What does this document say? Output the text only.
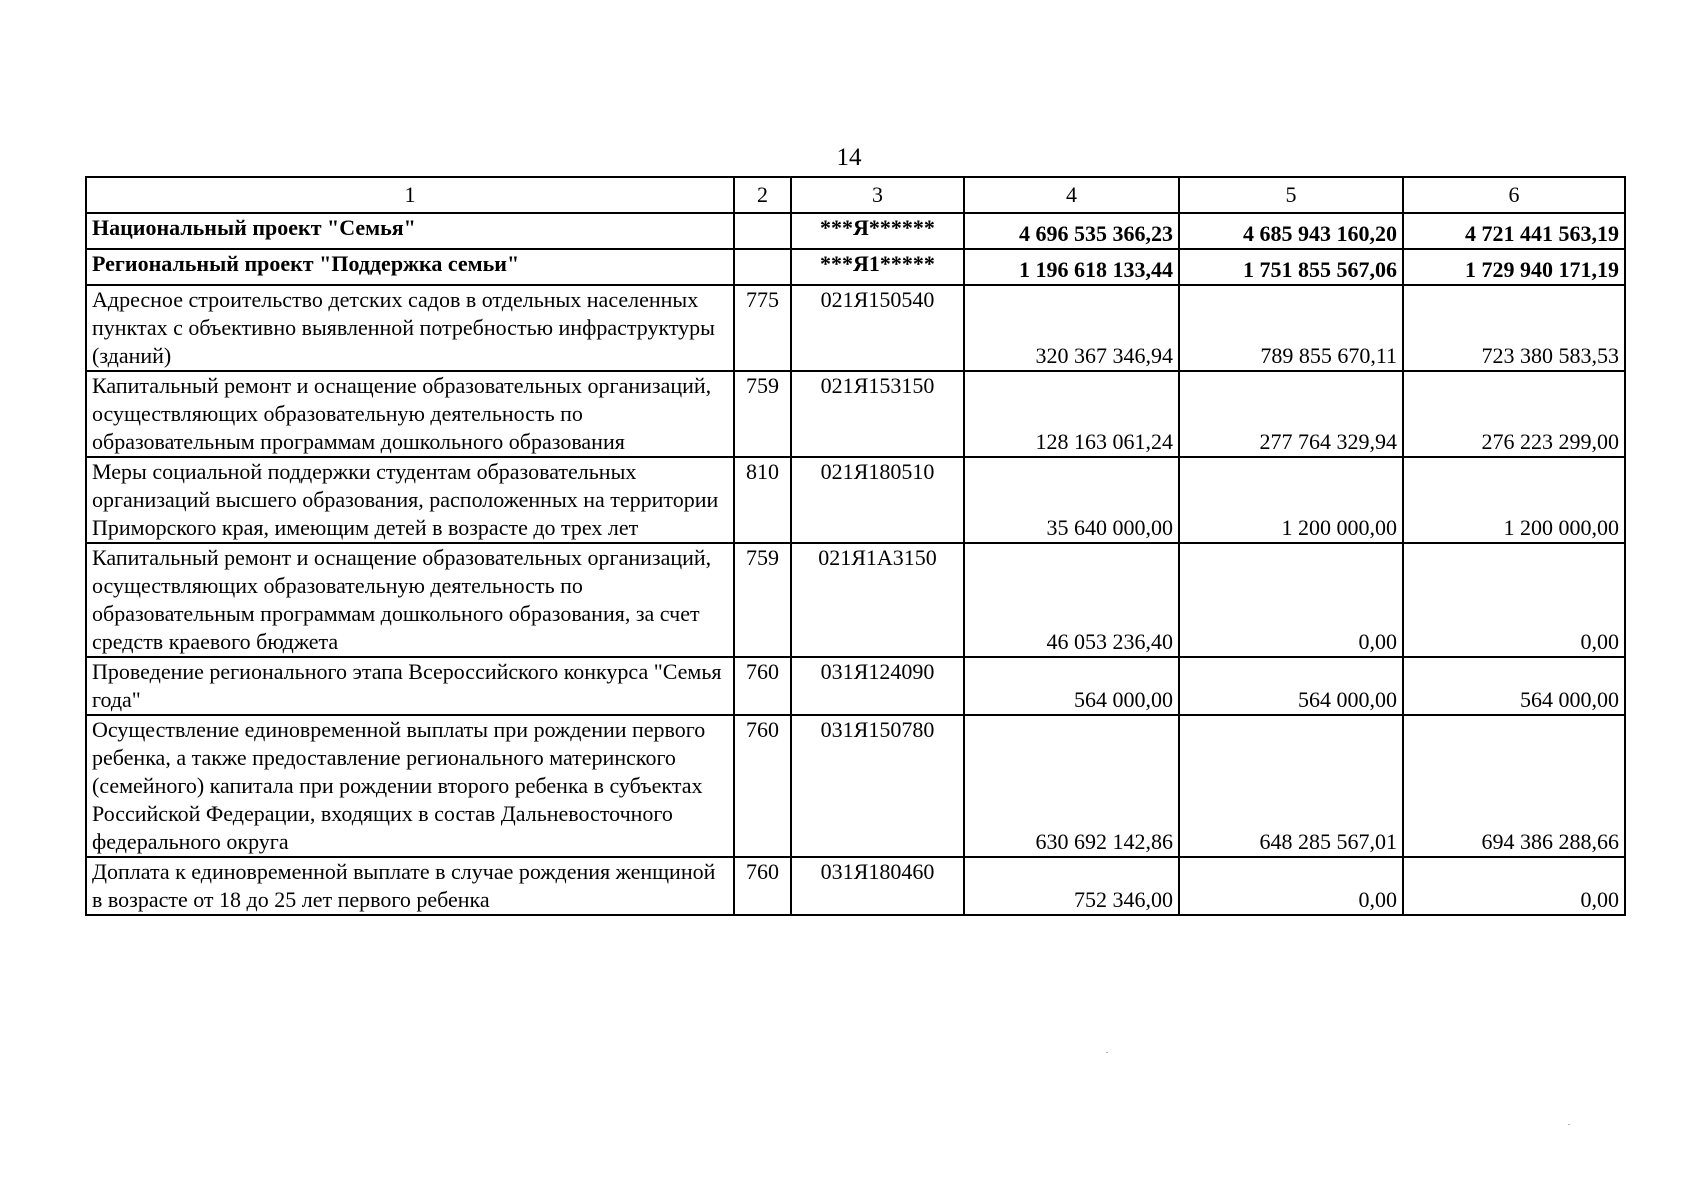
14
1	2	3	4	5	6
Национальный проект "Семья"		***Я******	4 696 535 366,23	4 685 943 160,20	4 721 441 563,19
Региональный проект "Поддержка семьи"		***Я1*****	1 196 618 133,44	1 751 855 567,06	1 729 940 171,19
Адресное строительство детских садов в отдельных населенных пунктах с объективно выявленной потребностью инфраструктуры (зданий)	775	021Я150540	320 367 346,94	789 855 670,11	723 380 583,53
Капитальный ремонт и оснащение образовательных организаций, осуществляющих образовательную деятельность по образовательным программам дошкольного образования	759	021Я153150	128 163 061,24	277 764 329,94	276 223 299,00
Меры социальной поддержки студентам образовательных организаций высшего образования, расположенных на территории Приморского края, имеющим детей в возрасте до трех лет	810	021Я180510	35 640 000,00	1 200 000,00	1 200 000,00
Капитальный ремонт и оснащение образовательных организаций, осуществляющих образовательную деятельность по образовательным программам дошкольного образования, за счет средств краевого бюджета	759	021Я1А3150	46 053 236,40	0,00	0,00
Проведение регионального этапа Всероссийского конкурса "Семья года"	760	031Я124090	564 000,00	564 000,00	564 000,00
Осуществление единовременной выплаты при рождении первого ребенка, а также предоставление регионального материнского (семейного) капитала при рождении второго ребенка в субъектах Российской Федерации, входящих в состав Дальневосточного федерального округа	760	031Я150780	630 692 142,86	648 285 567,01	694 386 288,66
Доплата к единовременной выплате в случае рождения женщиной в возрасте от 18 до 25 лет первого ребенка	760	031Я180460	752 346,00	0,00	0,00
